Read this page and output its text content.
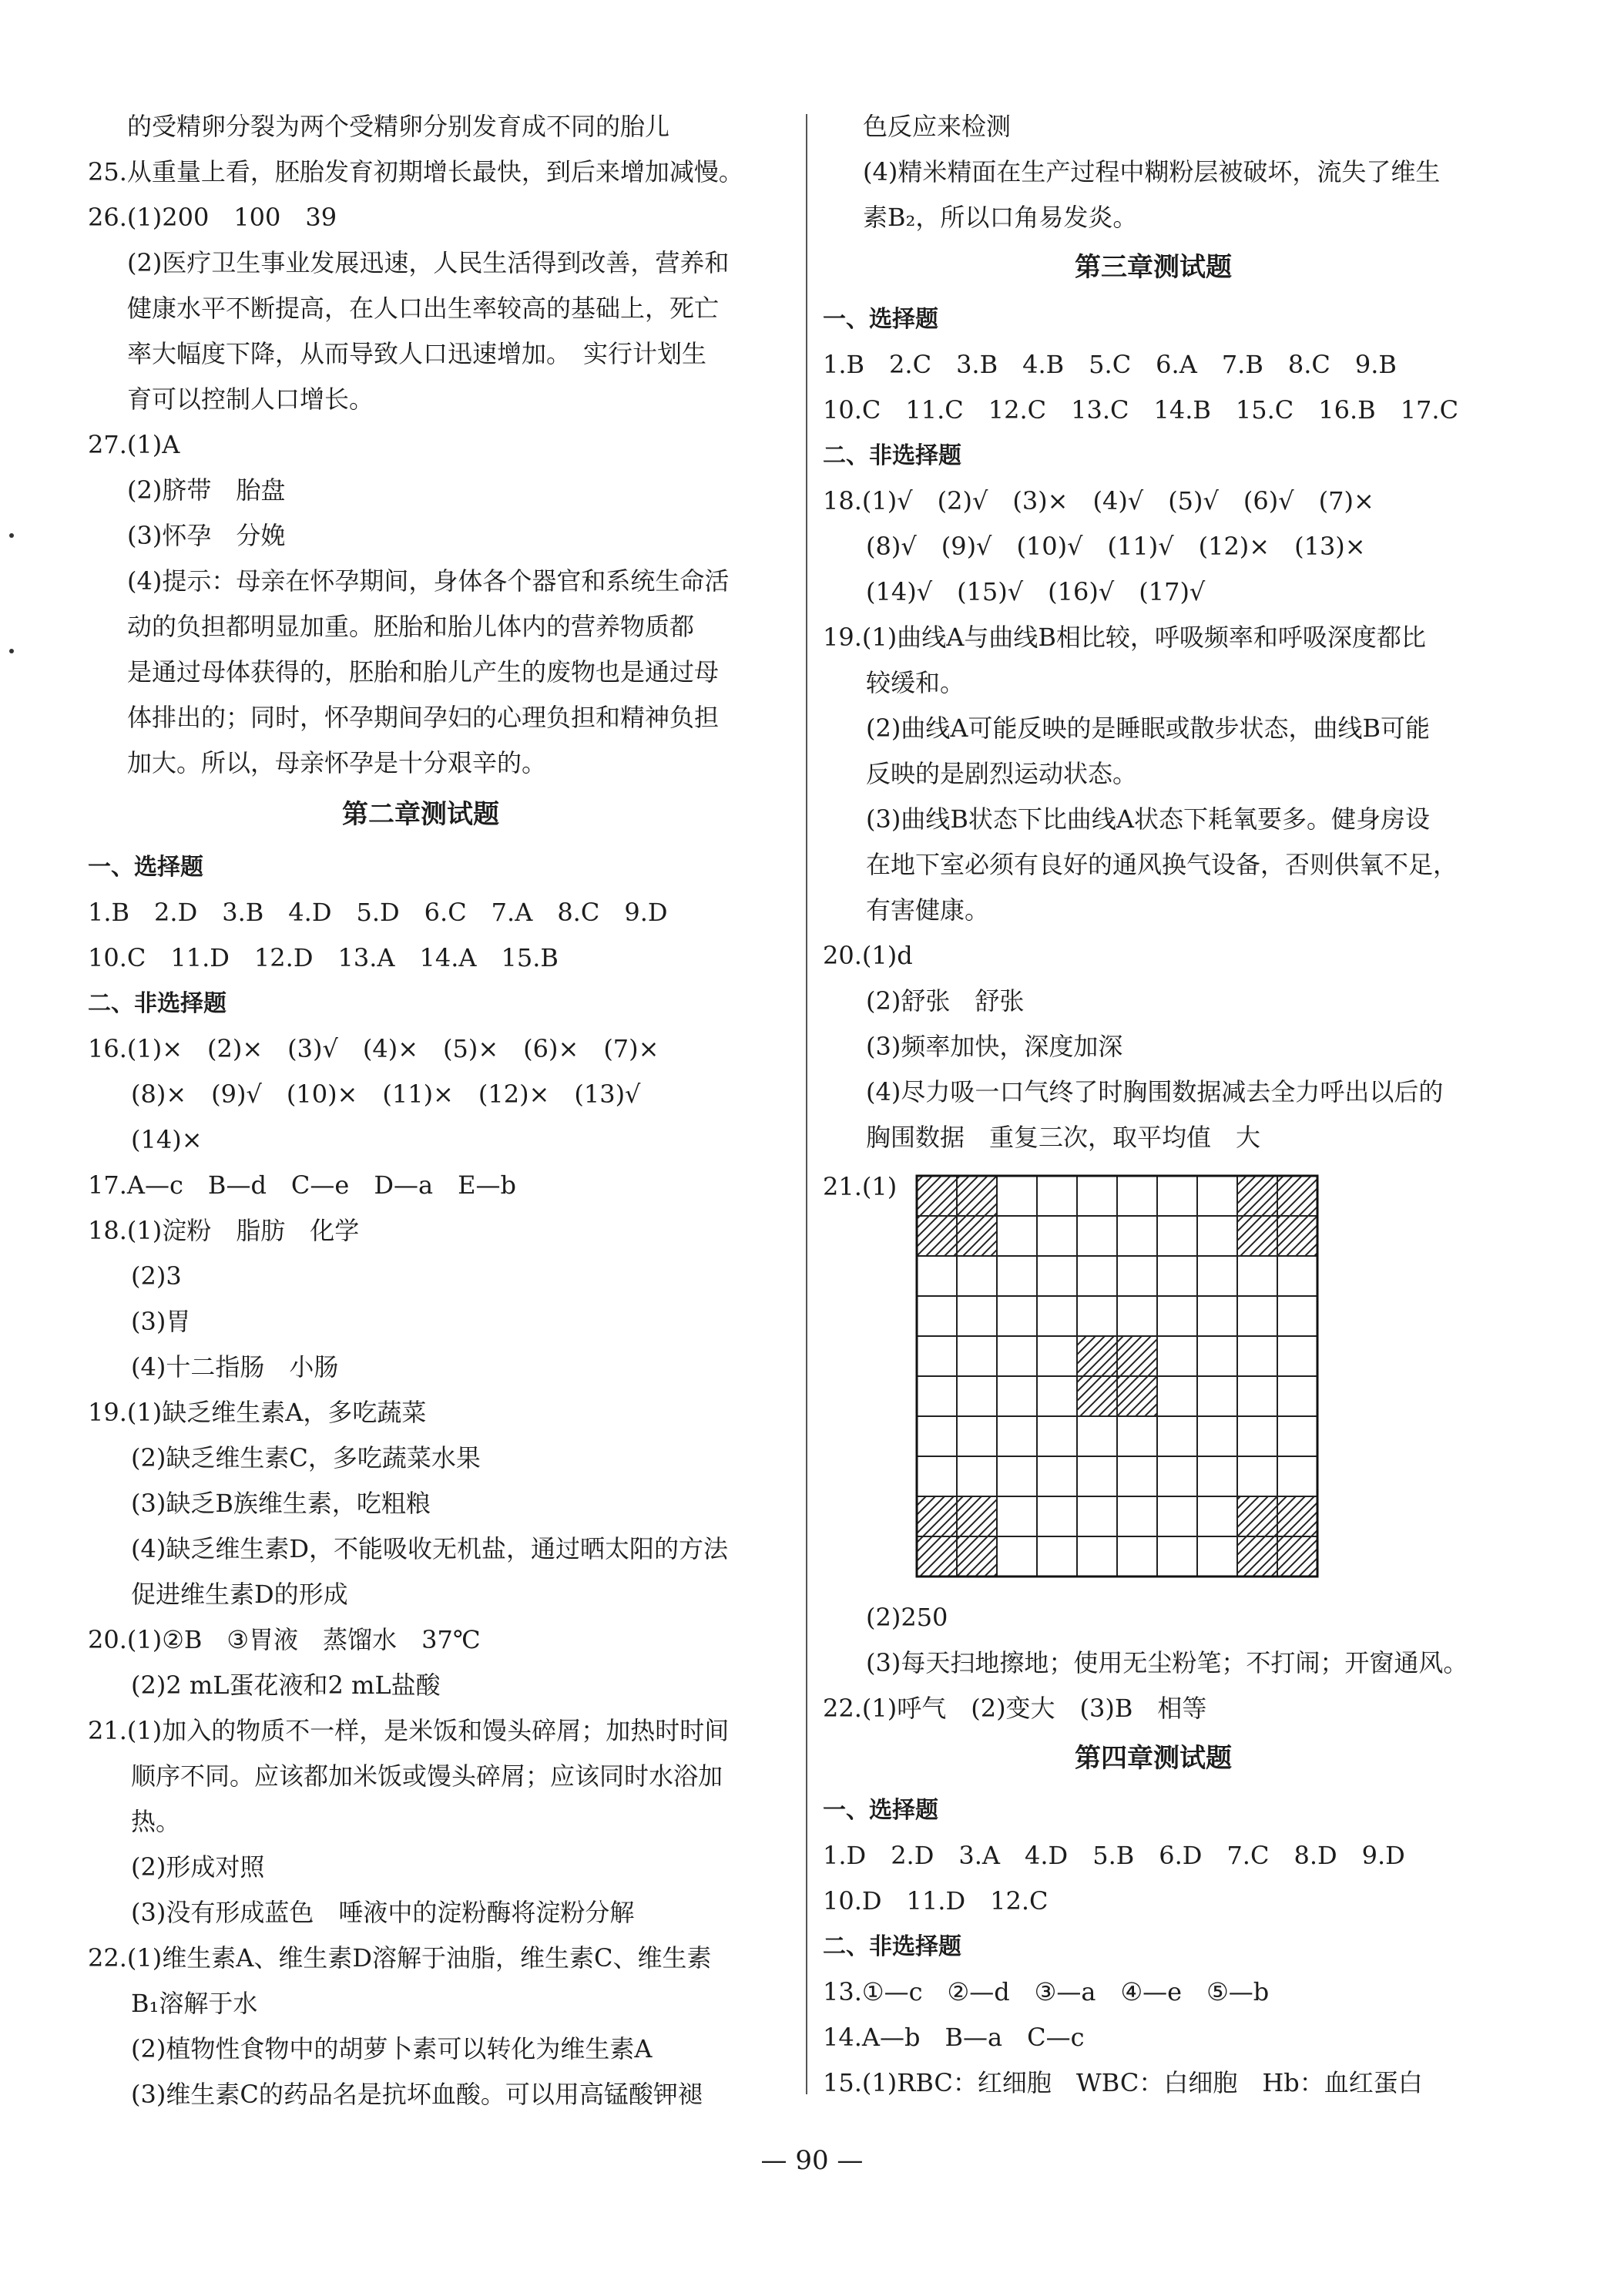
的受精卵分裂为两个受精卵分别发育成不同的胎儿
25.从重量上看，胚胎发育初期增长最快，到后来增加减慢。
26.(1)200　100　39
(2)医疗卫生事业发展迅速，人民生活得到改善，营养和
健康水平不断提高，在人口出生率较高的基础上，死亡
率大幅度下降，从而导致人口迅速增加。　实行计划生
育可以控制人口增长。
27.(1)A
(2)脐带　胎盘
(3)怀孕　分娩
(4)提示：母亲在怀孕期间，身体各个器官和系统生命活
动的负担都明显加重。胚胎和胎儿体内的营养物质都
是通过母体获得的，胚胎和胎儿产生的废物也是通过母
体排出的；同时，怀孕期间孕妇的心理负担和精神负担
加大。所以，母亲怀孕是十分艰辛的。
第二章测试题
一、选择题
1.B　2.D　3.B　4.D　5.D　6.C　7.A　8.C　9.D
10.C　11.D　12.D　13.A　14.A　15.B
二、非选择题
16.(1)×　(2)×　(3)√　(4)×　(5)×　(6)×　(7)×
(8)×　(9)√　(10)×　(11)×　(12)×　(13)√
(14)×
17.A—c　B—d　C—e　D—a　E—b
18.(1)淀粉　脂肪　化学
(2)3
(3)胃
(4)十二指肠　小肠
19.(1)缺乏维生素A，多吃蔬菜
(2)缺乏维生素C，多吃蔬菜水果
(3)缺乏B族维生素，吃粗粮
(4)缺乏维生素D，不能吸收无机盐，通过晒太阳的方法
促进维生素D的形成
20.(1)②B　③胃液　蒸馏水　37℃
(2)2 mL蛋花液和2 mL盐酸
21.(1)加入的物质不一样，是米饭和馒头碎屑；加热时时间
顺序不同。应该都加米饭或馒头碎屑；应该同时水浴加
热。
(2)形成对照
(3)没有形成蓝色　唾液中的淀粉酶将淀粉分解
22.(1)维生素A、维生素D溶解于油脂，维生素C、维生素
B₁溶解于水
(2)植物性食物中的胡萝卜素可以转化为维生素A
(3)维生素C的药品名是抗坏血酸。可以用高锰酸钾褪
色反应来检测
(4)精米精面在生产过程中糊粉层被破坏，流失了维生
素B₂，所以口角易发炎。
第三章测试题
一、选择题
1.B　2.C　3.B　4.B　5.C　6.A　7.B　8.C　9.B
10.C　11.C　12.C　13.C　14.B　15.C　16.B　17.C
二、非选择题
18.(1)√　(2)√　(3)×　(4)√　(5)√　(6)√　(7)×
(8)√　(9)√　(10)√　(11)√　(12)×　(13)×
(14)√　(15)√　(16)√　(17)√
19.(1)曲线A与曲线B相比较，呼吸频率和呼吸深度都比
较缓和。
(2)曲线A可能反映的是睡眠或散步状态，曲线B可能
反映的是剧烈运动状态。
(3)曲线B状态下比曲线A状态下耗氧要多。健身房设
在地下室必须有良好的通风换气设备，否则供氧不足，
有害健康。
20.(1)d
(2)舒张　舒张
(3)频率加快，深度加深
(4)尽力吸一口气终了时胸围数据减去全力呼出以后的
胸围数据　重复三次，取平均值　大
21.(1)
(2)250
(3)每天扫地擦地；使用无尘粉笔；不打闹；开窗通风。
22.(1)呼气　(2)变大　(3)B　相等
第四章测试题
一、选择题
1.D　2.D　3.A　4.D　5.B　6.D　7.C　8.D　9.D
10.D　11.D　12.C
二、非选择题
13.①—c　②—d　③—a　④—e　⑤—b
14.A—b　B—a　C—c
15.(1)RBC：红细胞　WBC：白细胞　Hb：血红蛋白
— 90 —
